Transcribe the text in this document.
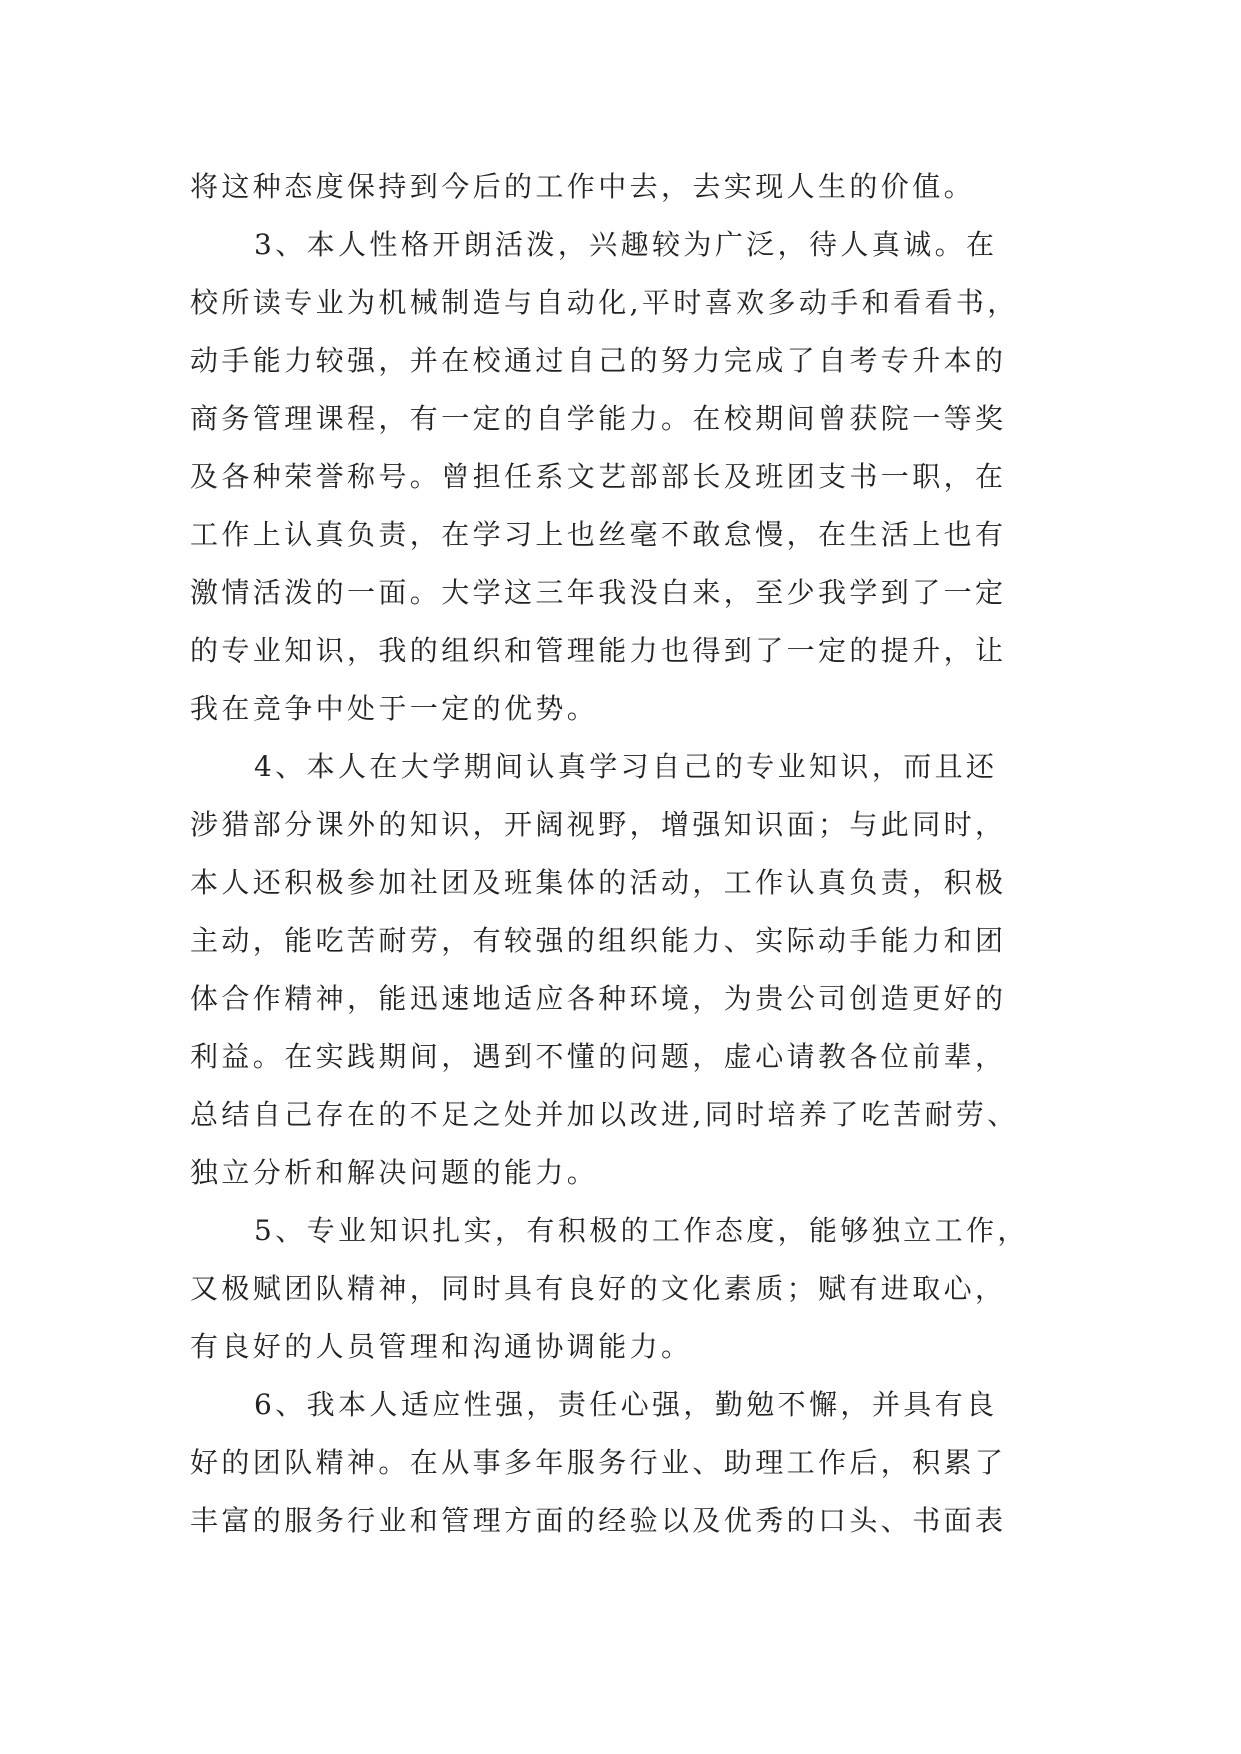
将这种态度保持到今后的工作中去，去实现人生的价值。
3、本人性格开朗活泼，兴趣较为广泛，待人真诚。在
校所读专业为机械制造与自动化,平时喜欢多动手和看看书，
动手能力较强，并在校通过自己的努力完成了自考专升本的
商务管理课程，有一定的自学能力。在校期间曾获院一等奖
及各种荣誉称号。曾担任系文艺部部长及班团支书一职，在
工作上认真负责，在学习上也丝毫不敢怠慢，在生活上也有
激情活泼的一面。大学这三年我没白来，至少我学到了一定
的专业知识，我的组织和管理能力也得到了一定的提升，让
我在竞争中处于一定的优势。
4、本人在大学期间认真学习自己的专业知识，而且还
涉猎部分课外的知识，开阔视野，增强知识面；与此同时，
本人还积极参加社团及班集体的活动，工作认真负责，积极
主动，能吃苦耐劳，有较强的组织能力、实际动手能力和团
体合作精神，能迅速地适应各种环境，为贵公司创造更好的
利益。在实践期间，遇到不懂的问题，虚心请教各位前辈，
总结自己存在的不足之处并加以改进,同时培养了吃苦耐劳、
独立分析和解决问题的能力。
5、专业知识扎实，有积极的工作态度，能够独立工作，
又极赋团队精神，同时具有良好的文化素质；赋有进取心，
有良好的人员管理和沟通协调能力。
6、我本人适应性强，责任心强，勤勉不懈，并具有良
好的团队精神。在从事多年服务行业、助理工作后，积累了
丰富的服务行业和管理方面的经验以及优秀的口头、书面表
